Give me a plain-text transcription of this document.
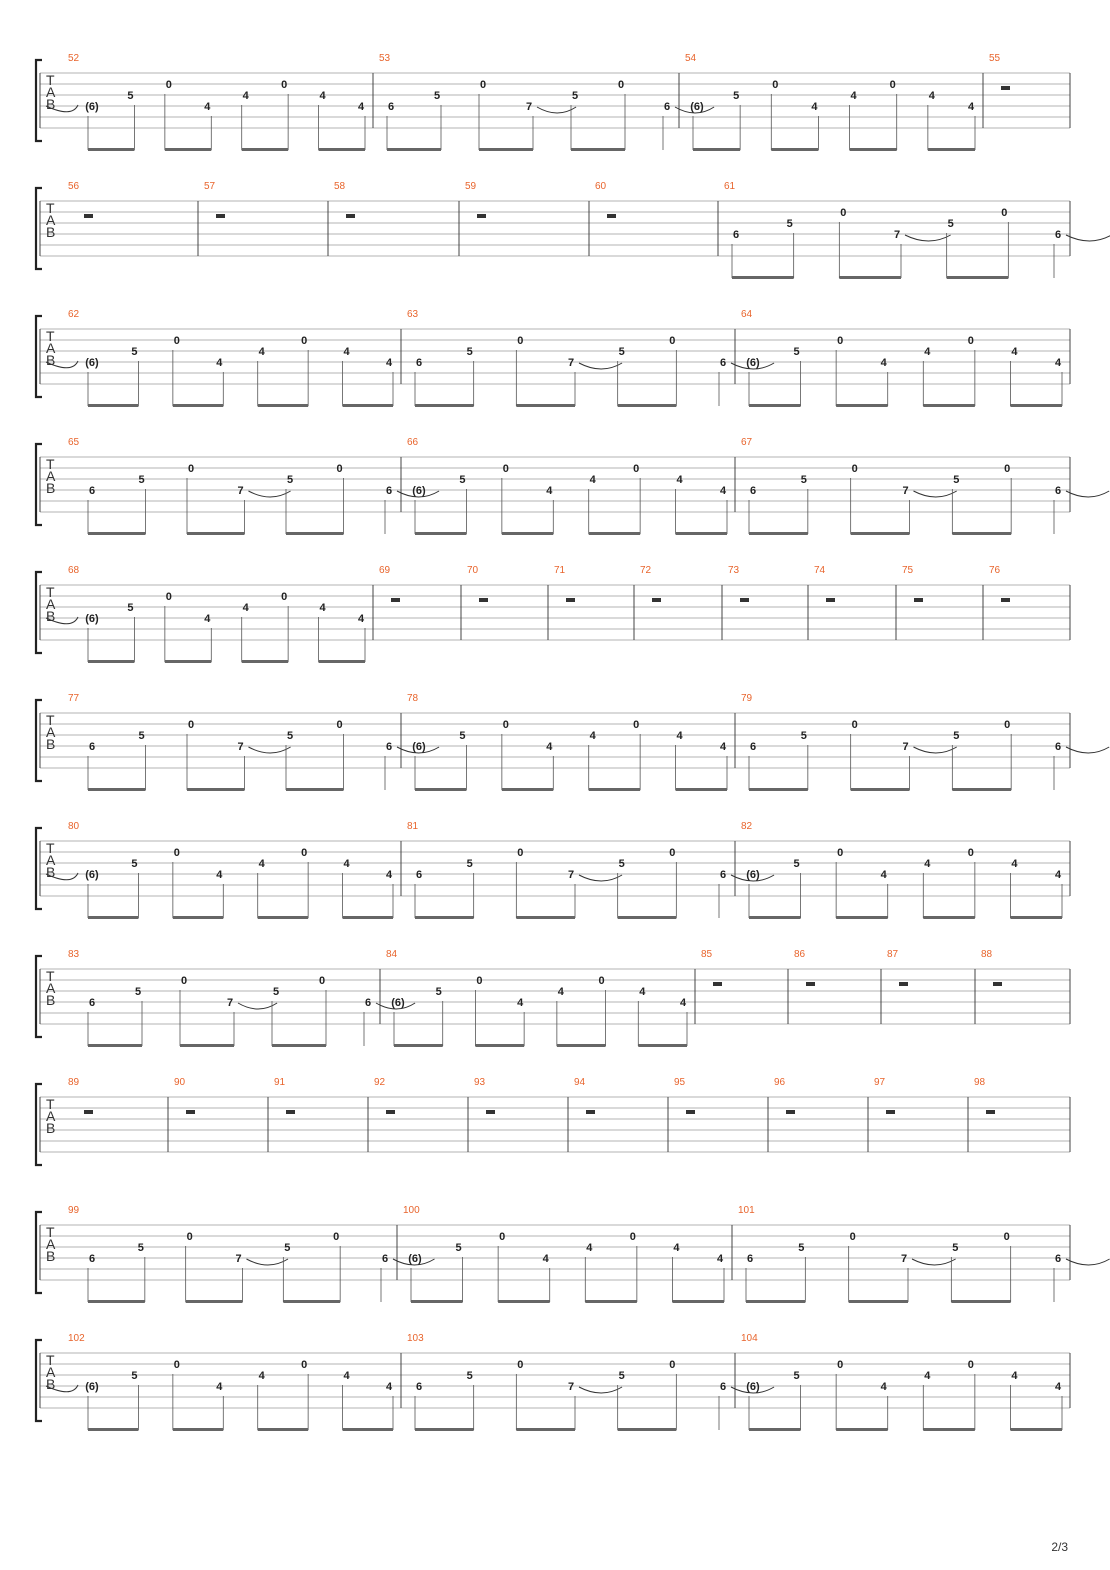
T
A
B
52
(6)
5
0
4
4
0
4
4
53
6
5
0
7
5
0
6
54
(6)
5
0
4
4
0
4
4
55
T
A
B
56	57	58	59	60	61
6
5
0
7
5
0
6
T
A
B
62
(6)
5
0
4
4
0
4
4
63
6
5
0
7
5
0
6
64
(6)
5
0
4
4
0
4
4
T
A
B
65
6
5
0
7
5
0
6
66
(6)
5
0
4
4
0
4
4
67
6
5
0
7
5
0
6
T
A
B
68
(6)
5
0
4
4
0
4
4
69	70	71	72	73	74	75	76
T
A
B
77
6
5
0
7
5
0
6
78
(6)
5
0
4
4
0
4
4
79
6
5
0
7
5
0
6
T
A
B
80
(6)
5
0
4
4
0
4
4
81
6
5
0
7
5
0
6
82
(6)
5
0
4
4
0
4
4
T
A
B
83
6
5
0
7
5
0
6
84
(6)
5
0
4
4
0
4
4
85	86	87	88
T
A
B
89	90	91	92	93	94	95	96	97	98
T
A
B
99
6
5
0
7
5
0
6
100
(6)
5
0
4
4
0
4
4
101
6
5
0
7
5
0
6
T
A
B
102
(6)
5
0
4
4
0
4
4
103
6
5
0
7
5
0
6
104
(6)
5
0
4
4
0
4
4
2/3
